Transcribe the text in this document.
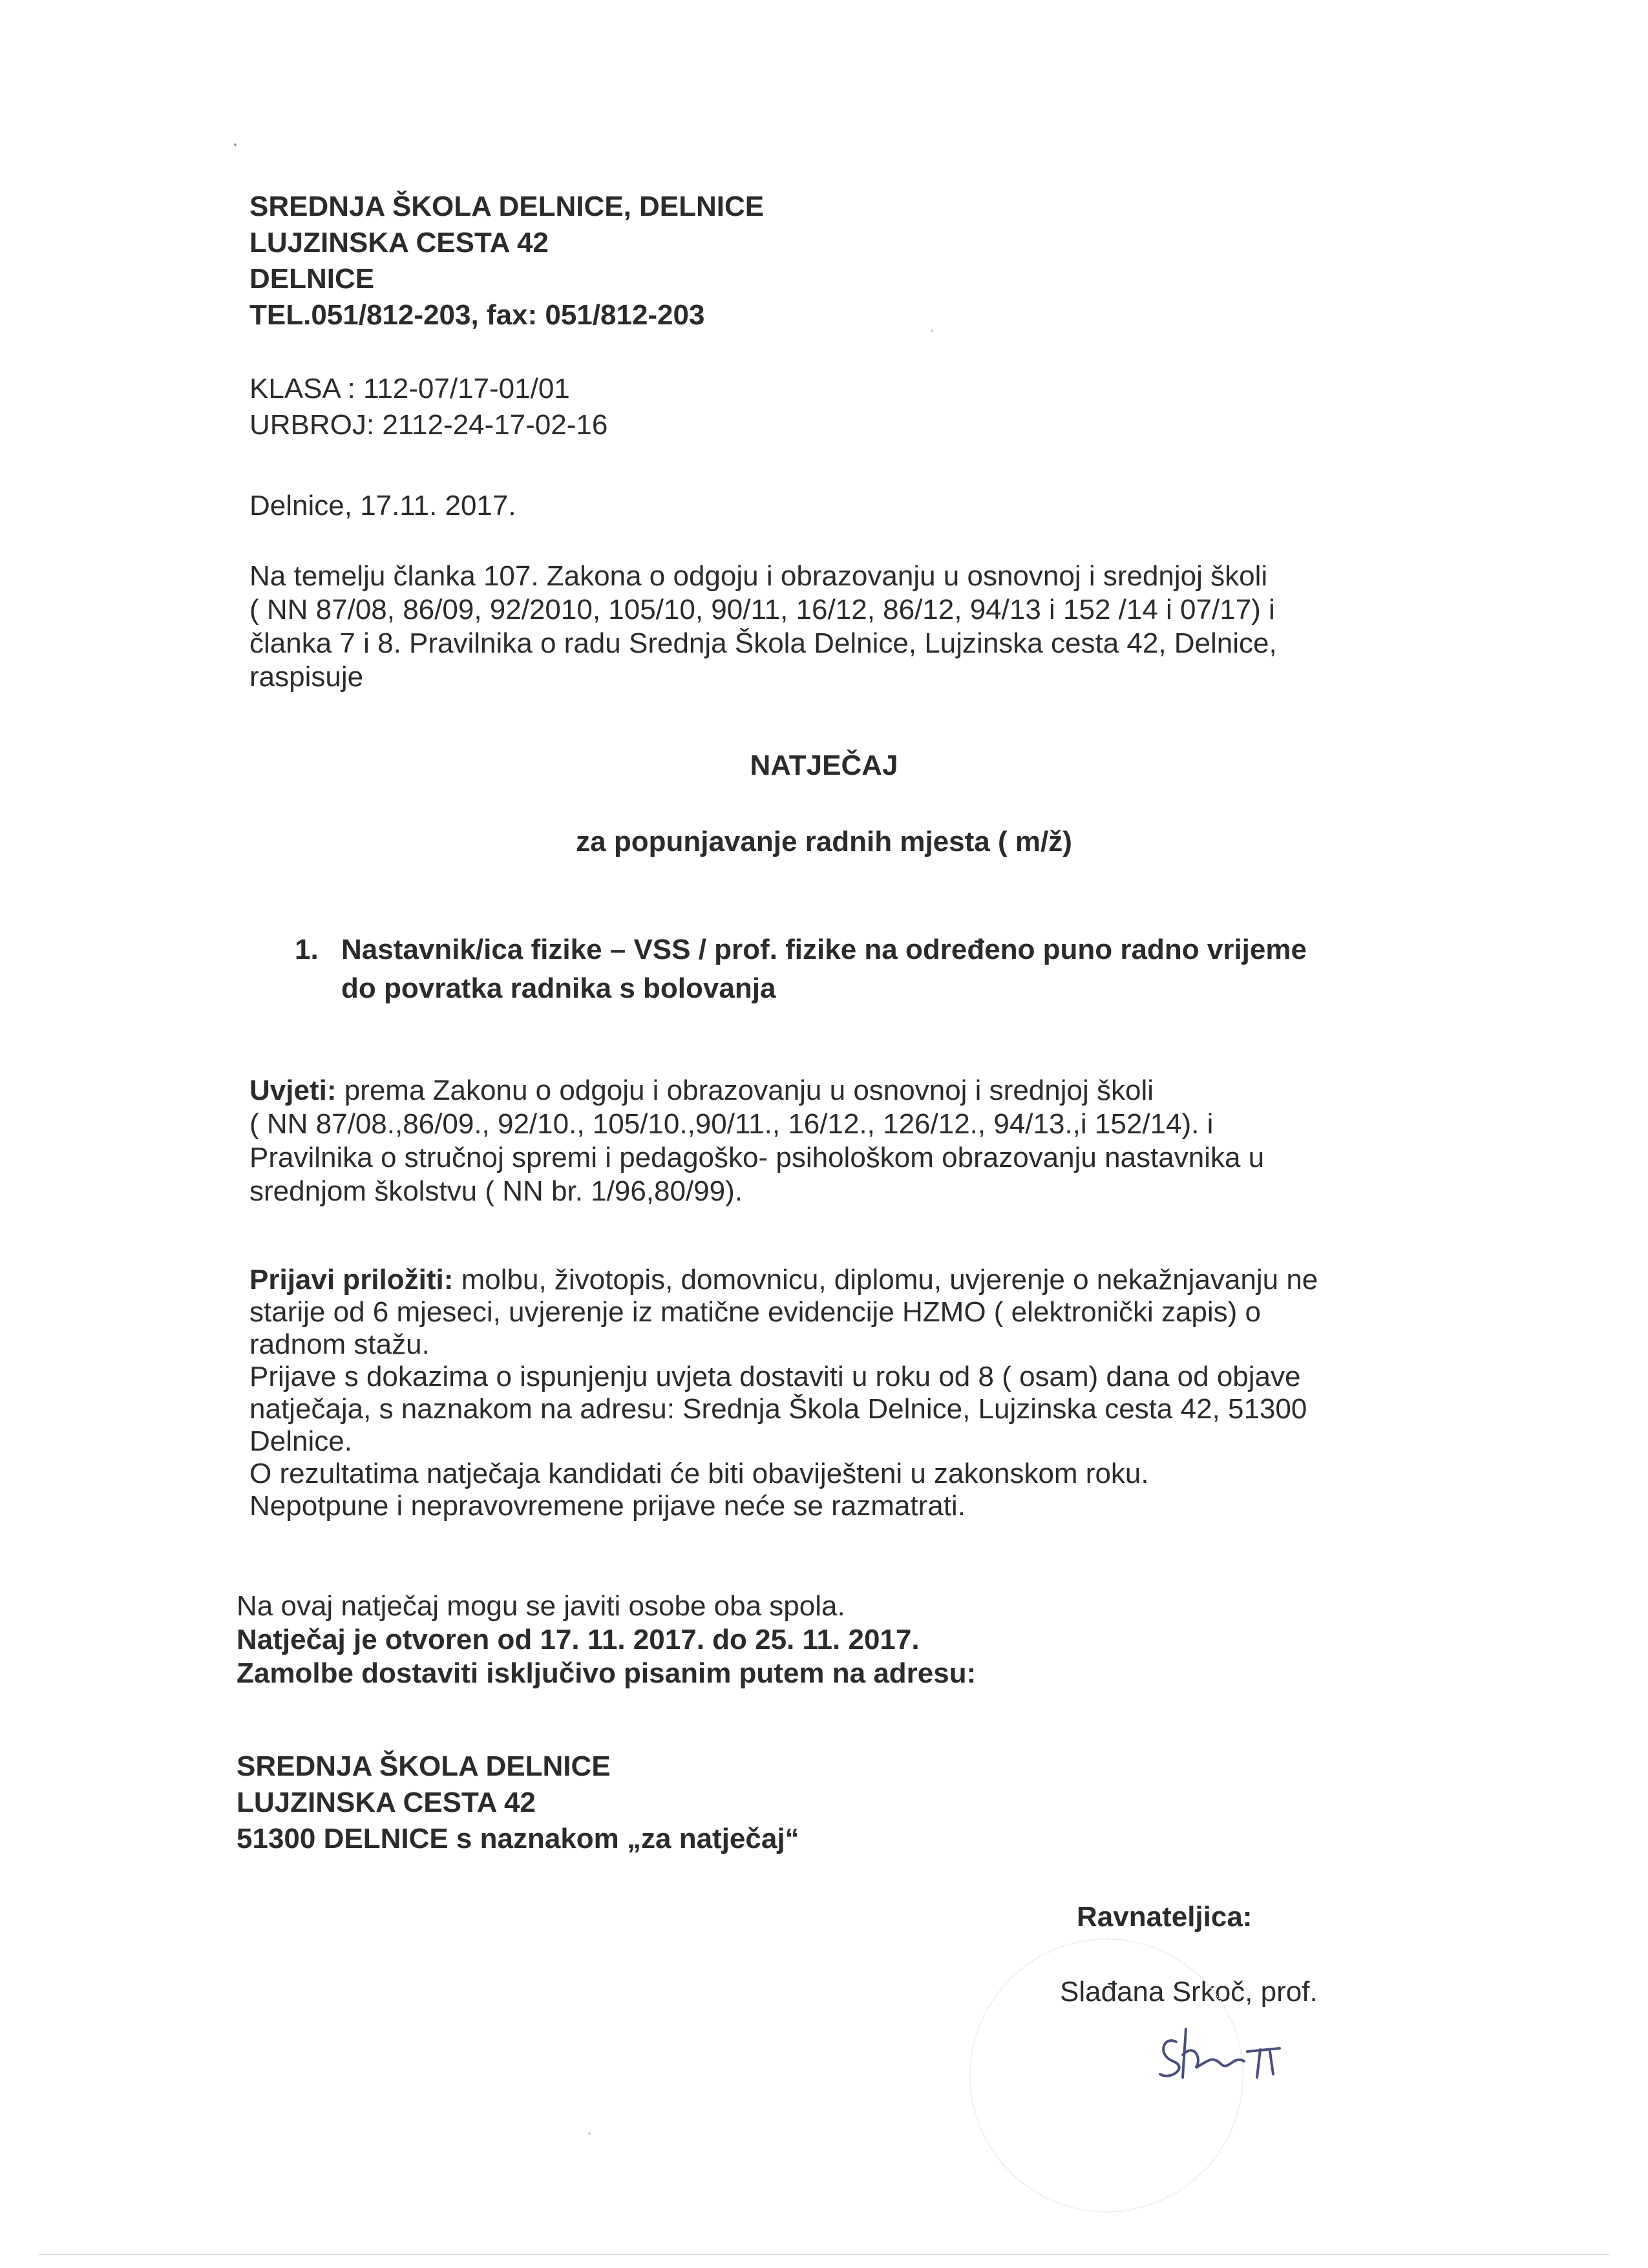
SREDNJA ŠKOLA DELNICE, DELNICE
LUJZINSKA CESTA 42
DELNICE
TEL.051/812-203, fax: 051/812-203
KLASA : 112-07/17-01/01
URBROJ: 2112-24-17-02-16
Delnice, 17.11. 2017.
Na temelju članka 107. Zakona o odgoju i obrazovanju u osnovnoj i srednjoj školi
( NN 87/08, 86/09, 92/2010, 105/10, 90/11, 16/12, 86/12, 94/13 i 152 /14 i 07/17) i
članka 7 i 8. Pravilnika o radu Srednja Škola Delnice, Lujzinska cesta 42, Delnice,
raspisuje
NATJEČAJ
za popunjavanje radnih mjesta ( m/ž)
1. Nastavnik/ica fizike – VSS / prof. fizike na određeno puno radno vrijeme
do povratka radnika s bolovanja
Uvjeti: prema Zakonu o odgoju i obrazovanju u osnovnoj i srednjoj školi
( NN 87/08.,86/09., 92/10., 105/10.,90/11., 16/12., 126/12., 94/13.,i 152/14). i
Pravilnika o stručnoj spremi i pedagoško- psihološkom obrazovanju nastavnika u
srednjom školstvu ( NN br. 1/96,80/99).
Prijavi priložiti: molbu, životopis, domovnicu, diplomu, uvjerenje o nekažnjavanju ne
starije od 6 mjeseci, uvjerenje iz matične evidencije HZMO ( elektronički zapis) o
radnom stažu.
Prijave s dokazima o ispunjenju uvjeta dostaviti u roku od 8 ( osam) dana od objave
natječaja, s naznakom na adresu: Srednja Škola Delnice, Lujzinska cesta 42, 51300
Delnice.
O rezultatima natječaja kandidati će biti obaviješteni u zakonskom roku.
Nepotpune i nepravovremene prijave neće se razmatrati.
Na ovaj natječaj mogu se javiti osobe oba spola.
Natječaj je otvoren od 17. 11. 2017. do 25. 11. 2017.
Zamolbe dostaviti isključivo pisanim putem na adresu:
SREDNJA ŠKOLA DELNICE
LUJZINSKA CESTA 42
51300 DELNICE s naznakom „za natječaj“
Ravnateljica:
Slađana Srkoč, prof.
